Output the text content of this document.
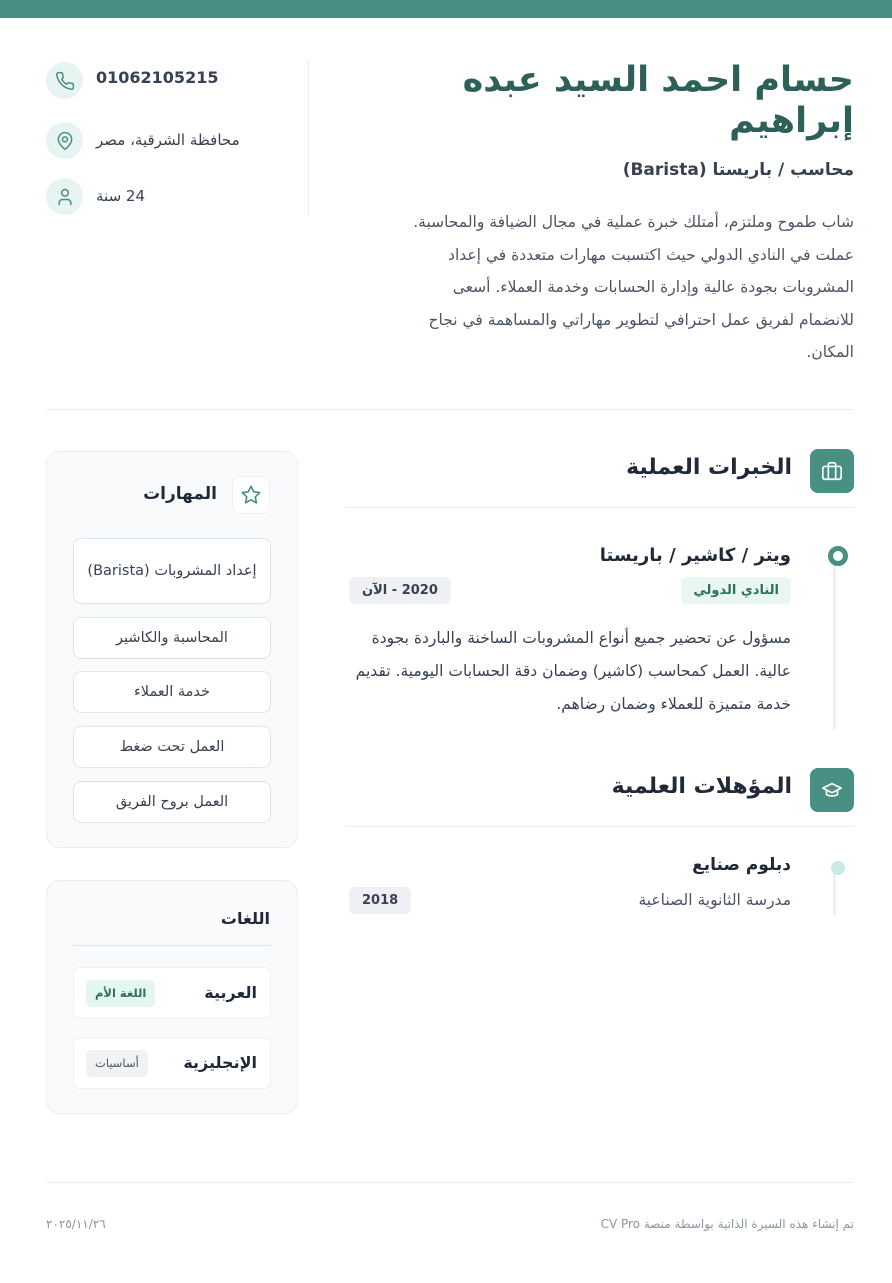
حسام احمد السيد عبده إبراهيم
محاسب / باريستا (Barista)

شاب طموح وملتزم، أمتلك خبرة عملية في مجال الضيافة والمحاسبة. عملت في النادي الدولي حيث اكتسبت مهارات متعددة في إعداد المشروبات بجودة عالية وإدارة الحسابات وخدمة العملاء. أسعى للانضمام لفريق عمل احترافي لتطوير مهاراتي والمساهمة في نجاح المكان.

01062105215
محافظة الشرقية، مصر
24 سنة
الخبرات العملية
ويتر / كاشير / باريستا
النادي الدولي
2020 - الآن

مسؤول عن تحضير جميع أنواع المشروبات الساخنة والباردة بجودة عالية. العمل كمحاسب (كاشير) وضمان دقة الحسابات اليومية. تقديم خدمة متميزة للعملاء وضمان رضاهم.

المؤهلات العلمية
دبلوم صنايع
مدرسة الثانوية الصناعية
2018
المهارات
إعداد المشروبات (Barista)
المحاسبة والكاشير
خدمة العملاء
العمل تحت ضغط
العمل بروح الفريق
اللغات
العربية
اللغة الأم
الإنجليزية
أساسيات
تم إنشاء هذه السيرة الذاتية بواسطة منصة CV Pro
٢٠٢٥/١١/٢٦
